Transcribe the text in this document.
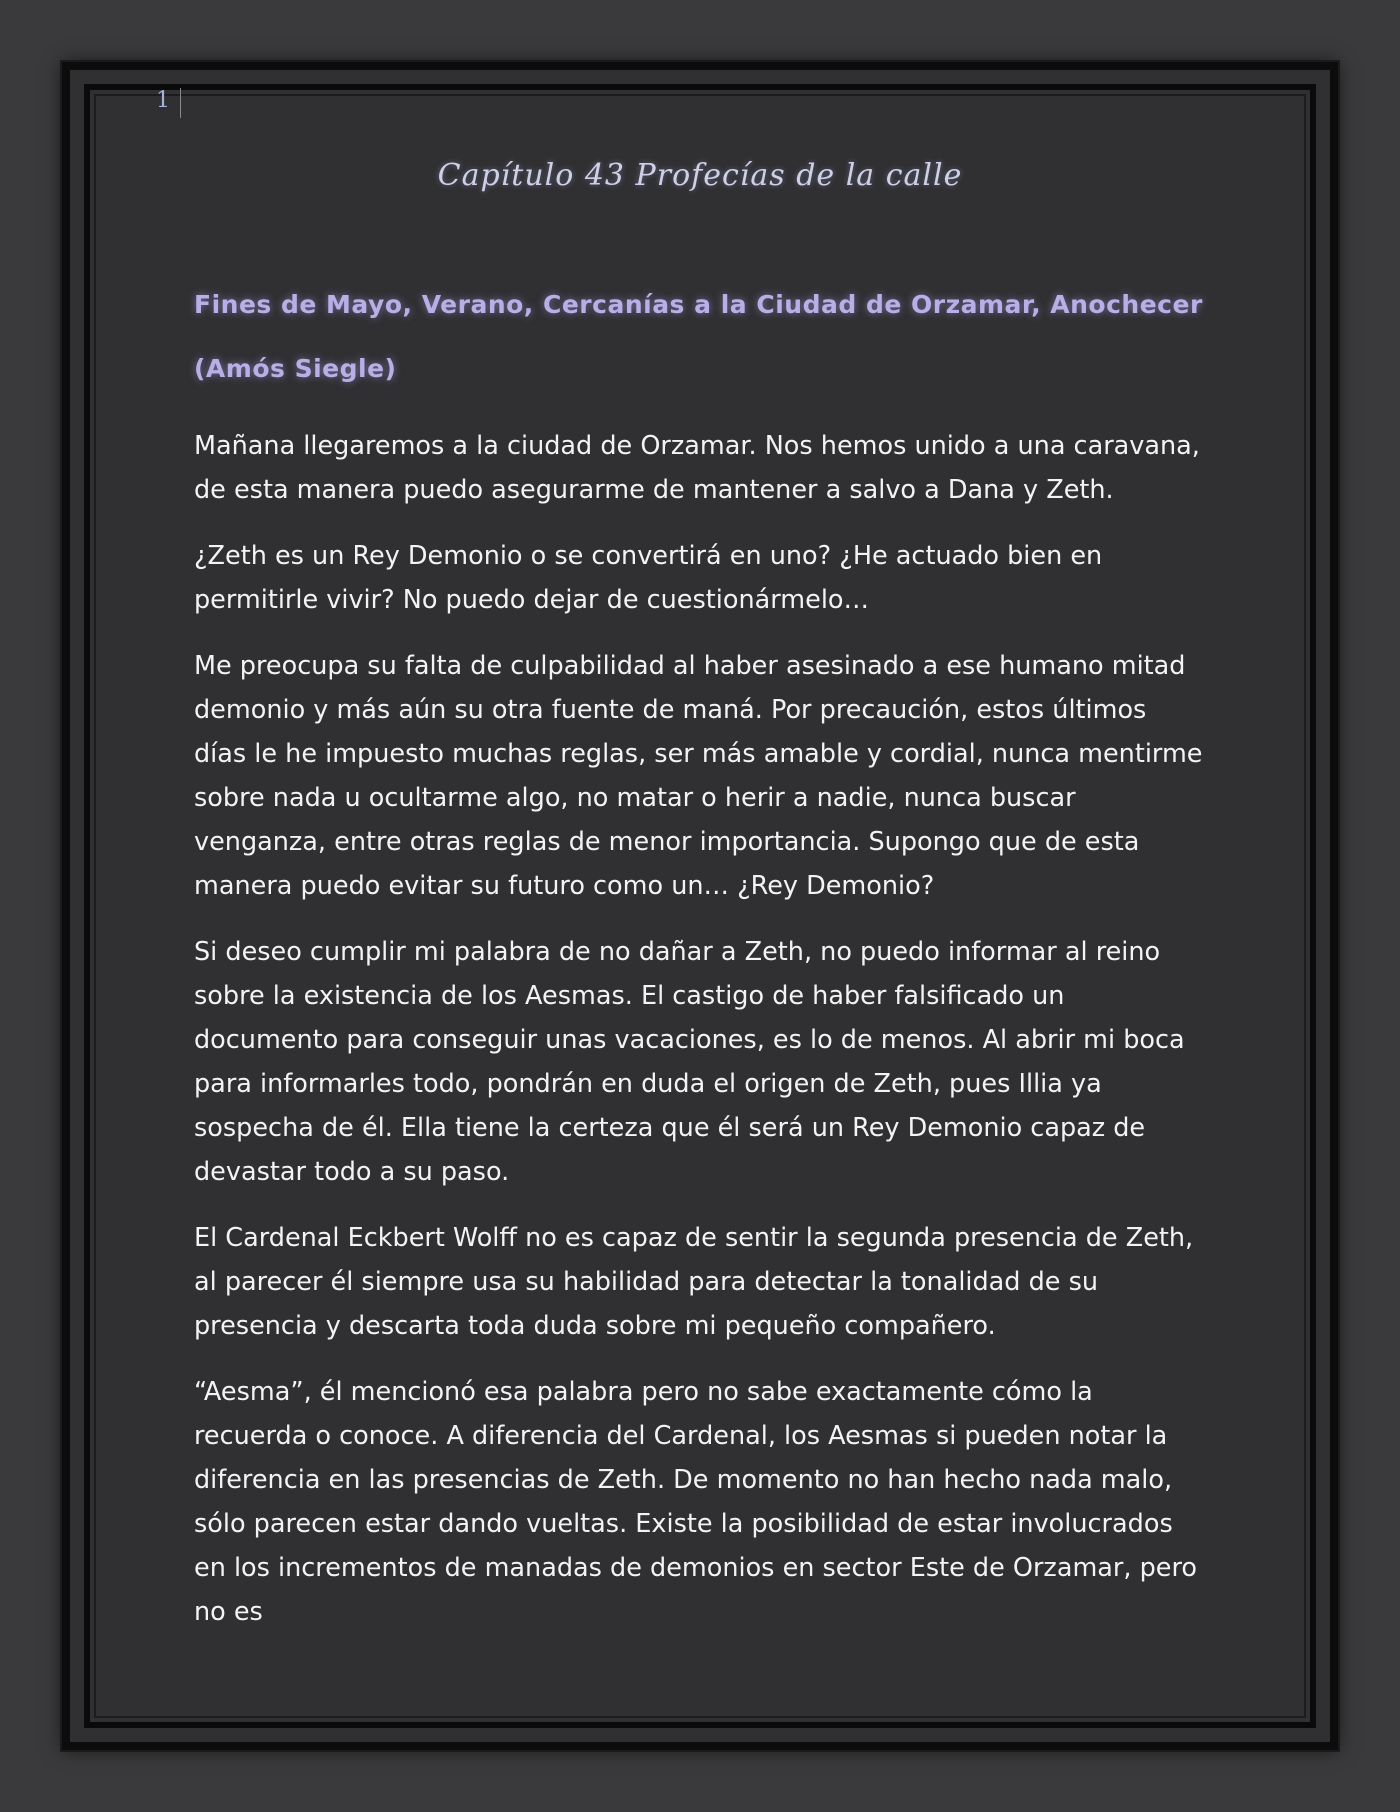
1
Capítulo 43 Profecías de la calle
Fines de Mayo, Verano, Cercanías a la Ciudad de Orzamar, Anochecer
(Amós Siegle)

Mañana llegaremos a la ciudad de Orzamar. Nos hemos unido a una caravana, de esta manera puedo asegurarme de mantener a salvo a Dana y Zeth.

¿Zeth es un Rey Demonio o se convertirá en uno? ¿He actuado bien en permitirle vivir? No puedo dejar de cuestionármelo…

Me preocupa su falta de culpabilidad al haber asesinado a ese humano mitad demonio y más aún su otra fuente de maná. Por precaución, estos últimos días le he impuesto muchas reglas, ser más amable y cordial, nunca mentirme sobre nada u ocultarme algo, no matar o herir a nadie, nunca buscar venganza, entre otras reglas de menor importancia. Supongo que de esta manera puedo evitar su futuro como un… ¿Rey Demonio?

Si deseo cumplir mi palabra de no dañar a Zeth, no puedo informar al reino sobre la existencia de los Aesmas. El castigo de haber falsificado un documento para conseguir unas vacaciones, es lo de menos. Al abrir mi boca para informarles todo, pondrán en duda el origen de Zeth, pues Illia ya sospecha de él. Ella tiene la certeza que él será un Rey Demonio capaz de devastar todo a su paso.

El Cardenal Eckbert Wolff no es capaz de sentir la segunda presencia de Zeth, al parecer él siempre usa su habilidad para detectar la tonalidad de su presencia y descarta toda duda sobre mi pequeño compañero.

“Aesma”, él mencionó esa palabra pero no sabe exactamente cómo la recuerda o conoce. A diferencia del Cardenal, los Aesmas si pueden notar la diferencia en las presencias de Zeth. De momento no han hecho nada malo, sólo parecen estar dando vueltas. Existe la posibilidad de estar involucrados en los incrementos de manadas de demonios en sector Este de Orzamar, pero no es
